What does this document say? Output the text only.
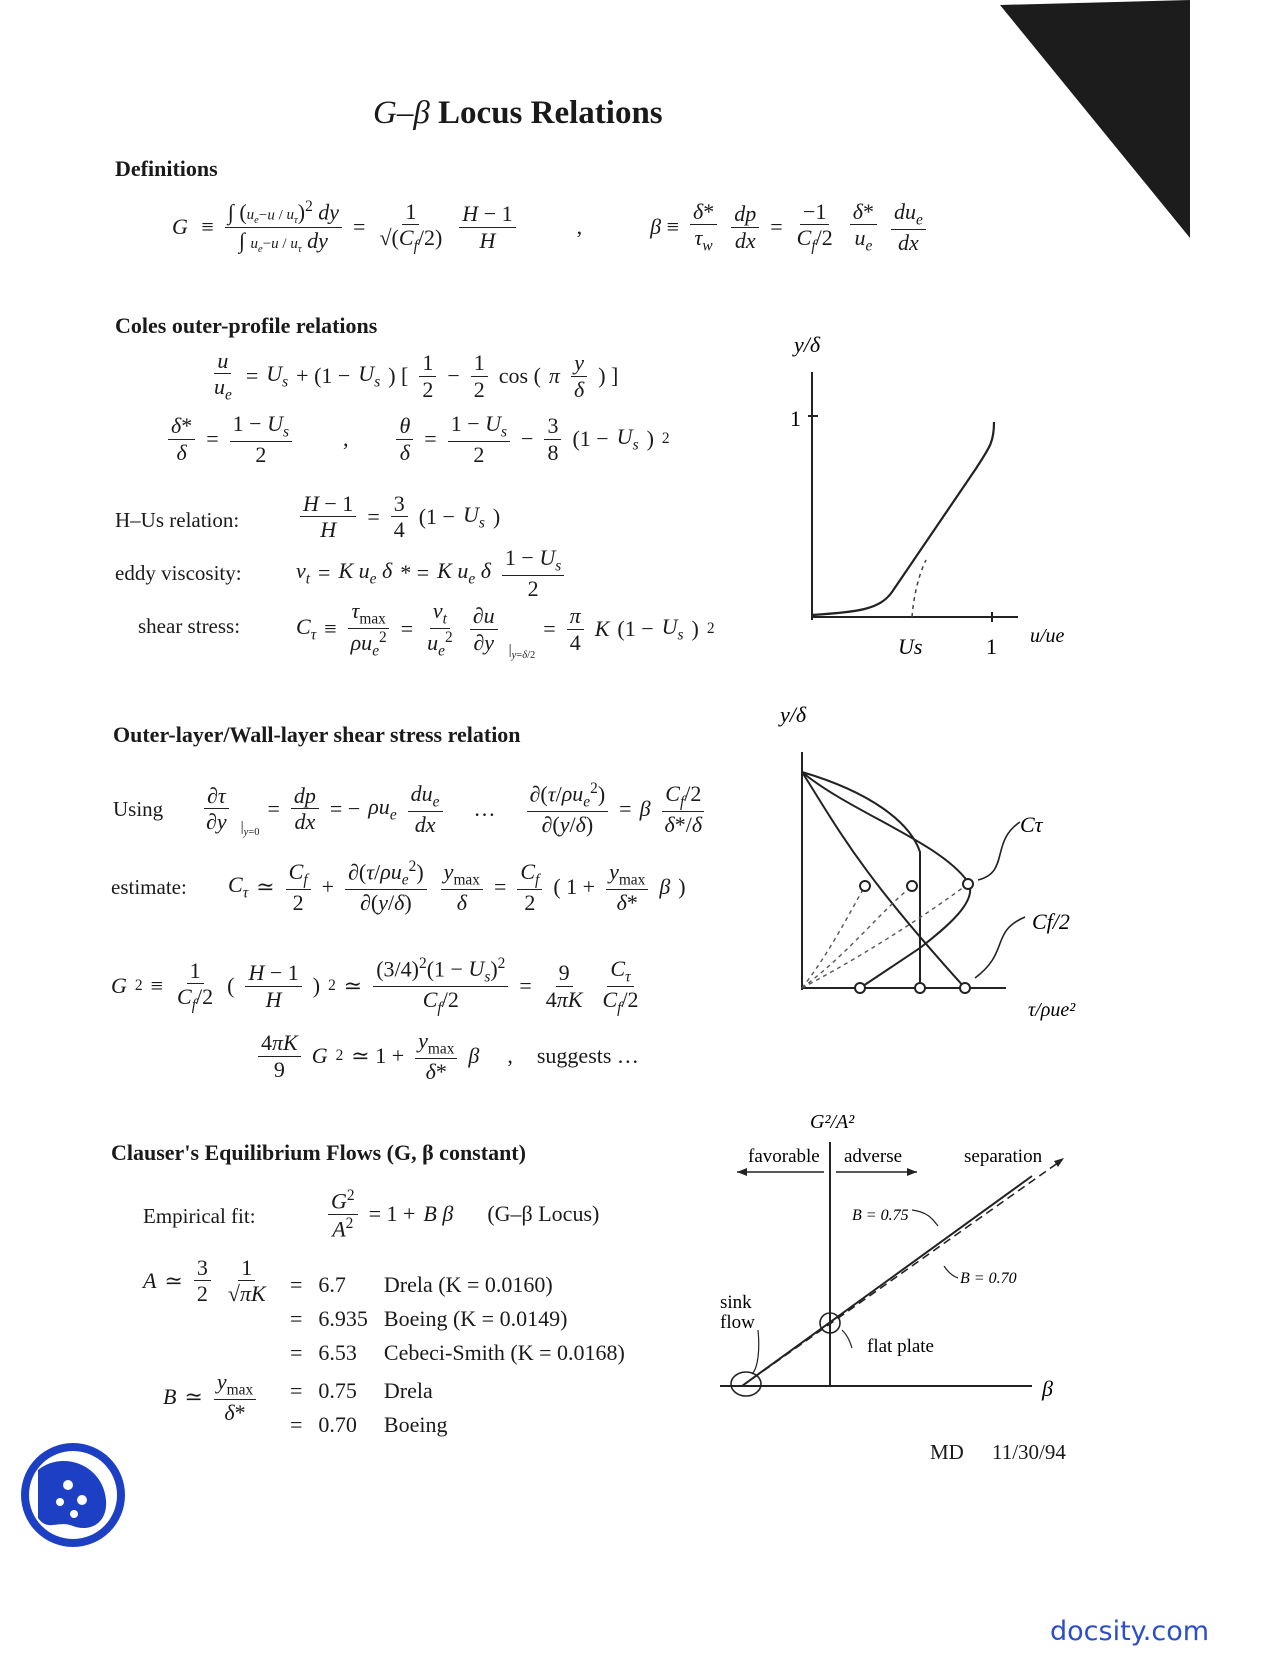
G–β Locus Relations
Definitions
$G \equiv \frac{\int (u_e-u / u_\tau)^2 dy}{\int u_e-u / u_\tau dy} = \frac{1}{√(C_f/2)} \frac{H - 1}{H}$	,	$\beta \equiv \frac{\delta*}{\tau_w} \frac{dp}{dx} = \frac{-1}{C_f/2} \frac{\delta*}{u_e} \frac{du_e}{dx}$
Coles outer-profile relations
$\frac{u}{u_e} = U_s + (1 - U_s$ ) [ $\frac{1}{2} - \frac{1}{2}$ cos ( π $\frac{y}{\delta}$ ) ]
$\frac{\delta*}{\delta} = \frac{1 - U_s}{2}$ , $\frac{\theta}{\delta} = \frac{1 - U_s}{2} - \frac{3}{8} (1 - U_s$ ) 2
H–Us relation:	$\frac{H - 1}{H} = \frac{3}{4} (1 - U_s$ )
eddy viscosity: $\nu_t = K$ $u_e$ δ * = K $u_e$ δ $\frac{1 - U_s}{2}$
shear stress:	$C_\tau \equiv \frac{\tau_{max}}{\rho u_e^2} = \frac{\nu_t}{u_e^2} \frac{\partial u}{\partial y} |_{y=\delta/2}$
= $\frac{\pi}{4}$ K ($1 - U_s$ ) 2
y/δ
1
Us	1 u/ue
Outer-layer/Wall-layer shear stress relation
Using $\frac{\partial\tau}{\partial y} |_{y=0}$
= $\frac{dp}{dx}$ = − $\rho u_e \frac{du_e}{dx}$ … $\frac{\partial(\tau/\rho u_e^2)}{\partial(y/\delta)} = \beta \frac{C_f/2}{\delta*/\delta}$
estimate: $C_\tau$ ≃ $\frac{C_f}{2} + \frac{\partial(\tau/\rho u_e^2)}{\partial(y/\delta)} \frac{y_{max}}{\delta} = \frac{C_f}{2}$ ( $1 + \frac{y_{max}}{\delta*}$ β )
G $2 \equiv \frac{1}{C_f/2}$ ( $\frac{H - 1}{H}$ ) 2 ≃ $\frac{(3/4)^2(1 - U_s)^2}{C_f/2} = \frac{9}{4\pi K} \frac{C_\tau}{C_f/2}$
$\frac{4\pi K}{9}$ G 2 ≃ $1 + \frac{y_{max}}{\delta*}$ β , suggests …
y/δ
Cτ
Cf/2
τ/ρue²
Clauser's Equilibrium Flows (G, β constant)
Empirical fit:	$\frac{G^2}{A^2} = 1 + B$ β (G–β Locus)
A ≃ $\frac{3}{2} \frac{1}{√\pi K}$
B ≃ $\frac{y_{max}}{\delta*}$
=	6.7	Drela (K = 0.0160)
=	6.935	Boeing (K = 0.0149)
=	6.53	Cebeci-Smith (K = 0.0168)
=	0.75	Drela
=	0.70	Boeing
G²/A²
favorable adverse	separation
B = 0.75
B = 0.70
sink
flow
flat plate
β
MD 11/30/94
docsity.com
